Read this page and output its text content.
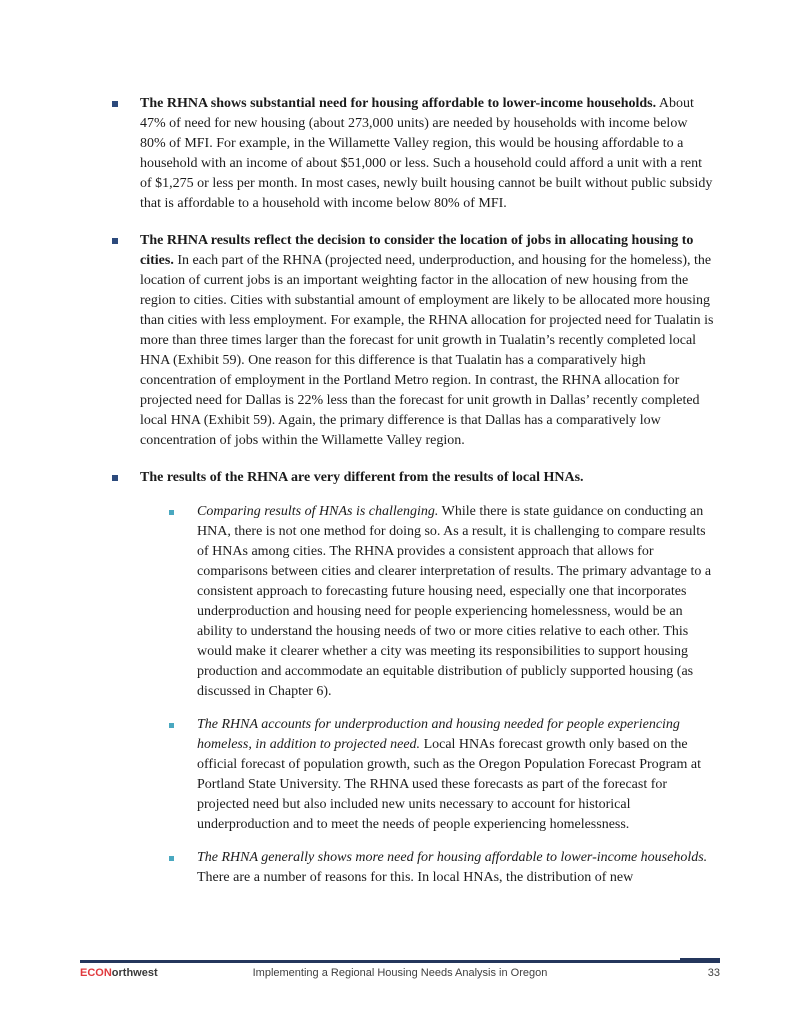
The RHNA shows substantial need for housing affordable to lower-income households. About 47% of need for new housing (about 273,000 units) are needed by households with income below 80% of MFI. For example, in the Willamette Valley region, this would be housing affordable to a household with an income of about $51,000 or less. Such a household could afford a unit with a rent of $1,275 or less per month. In most cases, newly built housing cannot be built without public subsidy that is affordable to a household with income below 80% of MFI.
The RHNA results reflect the decision to consider the location of jobs in allocating housing to cities. In each part of the RHNA (projected need, underproduction, and housing for the homeless), the location of current jobs is an important weighting factor in the allocation of new housing from the region to cities. Cities with substantial amount of employment are likely to be allocated more housing than cities with less employment. For example, the RHNA allocation for projected need for Tualatin is more than three times larger than the forecast for unit growth in Tualatin’s recently completed local HNA (Exhibit 59). One reason for this difference is that Tualatin has a comparatively high concentration of employment in the Portland Metro region. In contrast, the RHNA allocation for projected need for Dallas is 22% less than the forecast for unit growth in Dallas’ recently completed local HNA (Exhibit 59). Again, the primary difference is that Dallas has a comparatively low concentration of jobs within the Willamette Valley region.
The results of the RHNA are very different from the results of local HNAs.
Comparing results of HNAs is challenging. While there is state guidance on conducting an HNA, there is not one method for doing so. As a result, it is challenging to compare results of HNAs among cities. The RHNA provides a consistent approach that allows for comparisons between cities and clearer interpretation of results. The primary advantage to a consistent approach to forecasting future housing need, especially one that incorporates underproduction and housing need for people experiencing homelessness, would be an ability to understand the housing needs of two or more cities relative to each other. This would make it clearer whether a city was meeting its responsibilities to support housing production and accommodate an equitable distribution of publicly supported housing (as discussed in Chapter 6).
The RHNA accounts for underproduction and housing needed for people experiencing homeless, in addition to projected need. Local HNAs forecast growth only based on the official forecast of population growth, such as the Oregon Population Forecast Program at Portland State University. The RHNA used these forecasts as part of the forecast for projected need but also included new units necessary to account for historical underproduction and to meet the needs of people experiencing homelessness.
The RHNA generally shows more need for housing affordable to lower-income households. There are a number of reasons for this. In local HNAs, the distribution of new
ECONorthwest	Implementing a Regional Housing Needs Analysis in Oregon	33
